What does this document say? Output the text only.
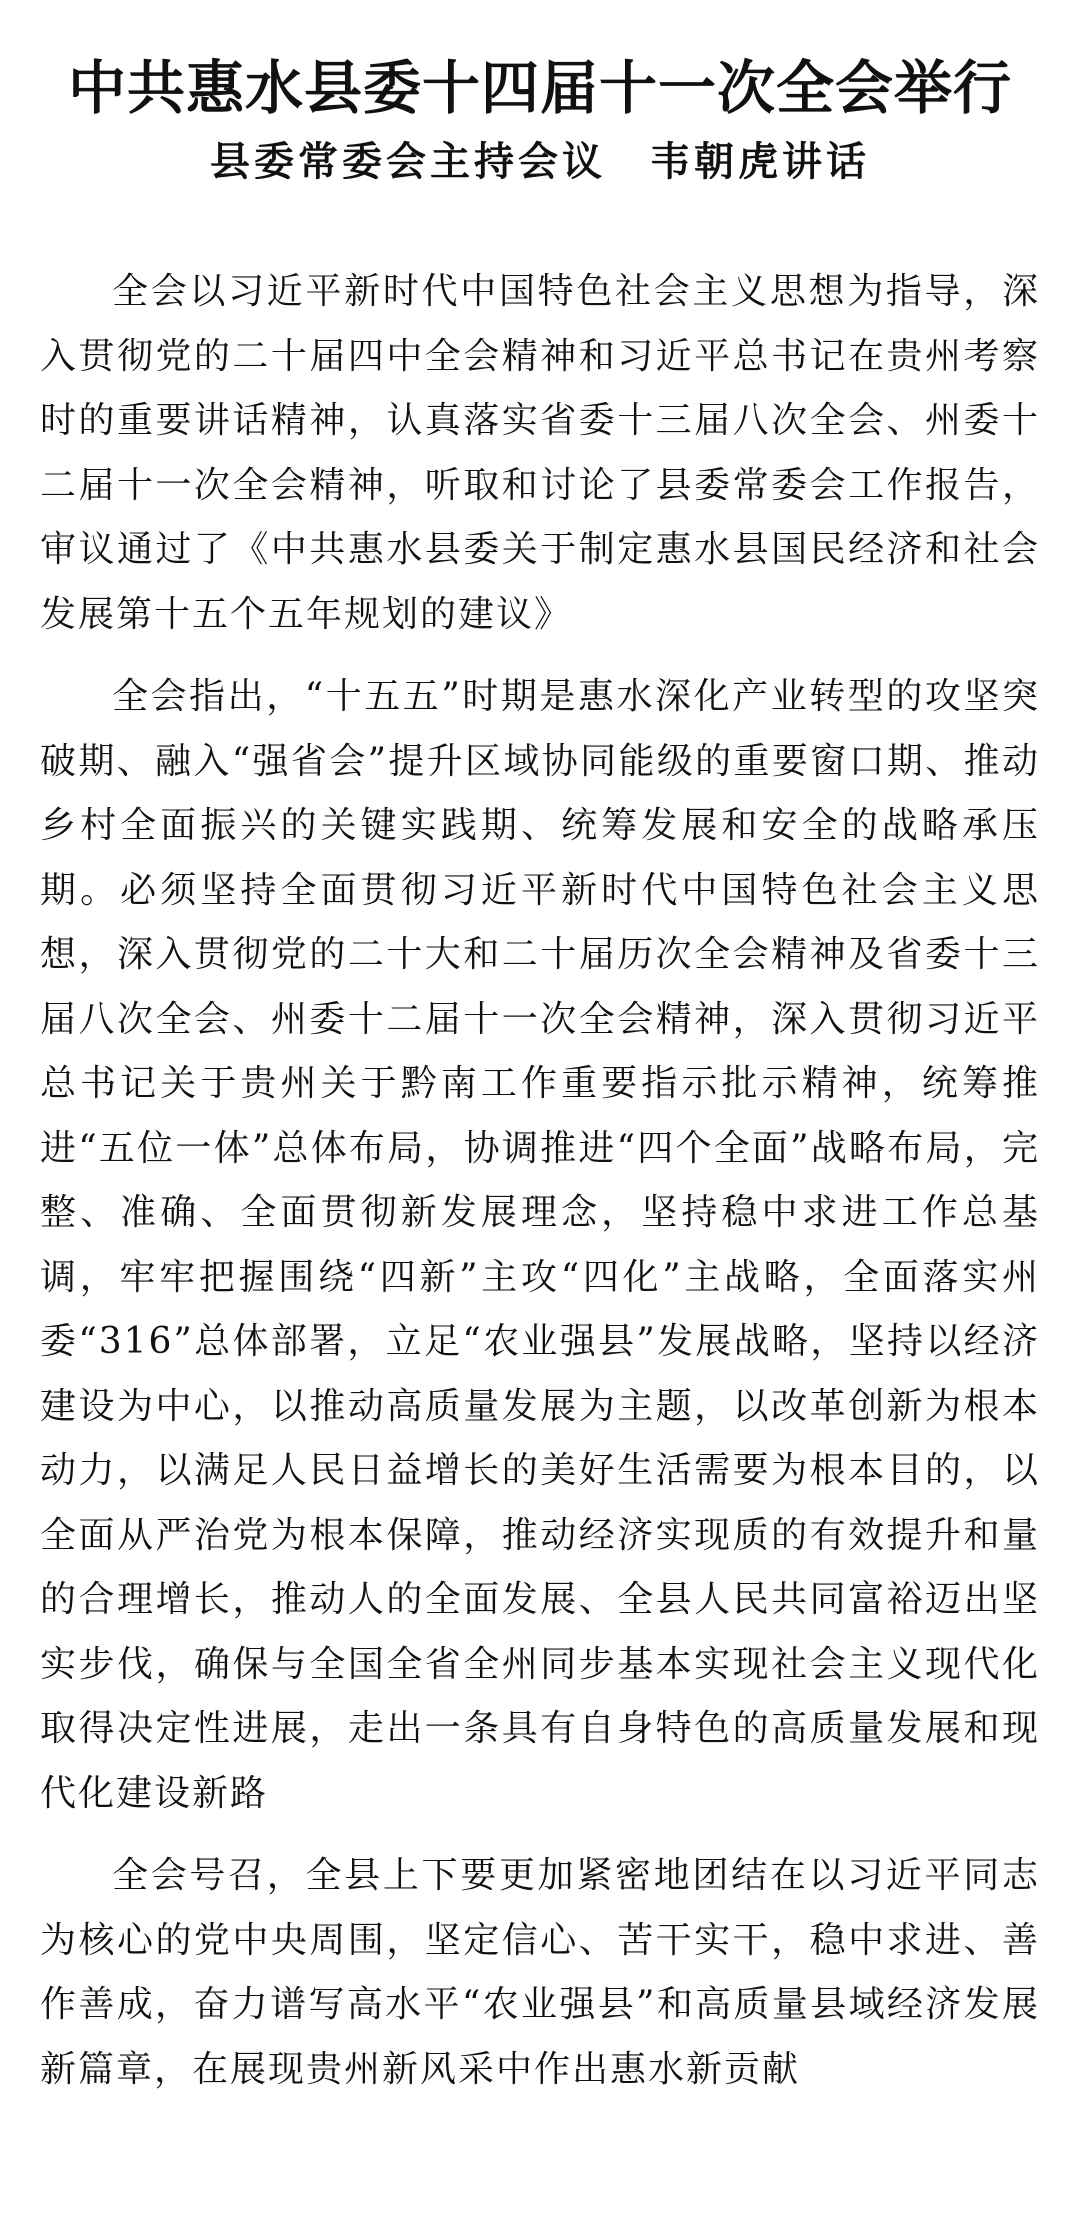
中共惠水县委十四届十一次全会举行
县委常委会主持会议　韦朝虎讲话

全会以习近平新时代中国特色社会主义思想为指导，深入贯彻党的二十届四中全会精神和习近平总书记在贵州考察时的重要讲话精神，认真落实省委十三届八次全会、州委十二届十一次全会精神，听取和讨论了县委常委会工作报告，审议通过了《中共惠水县委关于制定惠水县国民经济和社会发展第十五个五年规划的建议》

全会指出，“十五五”时期是惠水深化产业转型的攻坚突破期、融入“强省会”提升区域协同能级的重要窗口期、推动乡村全面振兴的关键实践期、统筹发展和安全的战略承压期。必须坚持全面贯彻习近平新时代中国特色社会主义思想，深入贯彻党的二十大和二十届历次全会精神及省委十三届八次全会、州委十二届十一次全会精神，深入贯彻习近平总书记关于贵州关于黔南工作重要指示批示精神，统筹推进“五位一体”总体布局，协调推进“四个全面”战略布局，完整、准确、全面贯彻新发展理念，坚持稳中求进工作总基调，牢牢把握围绕“四新”主攻“四化”主战略，全面落实州委“316”总体部署，立足“农业强县”发展战略，坚持以经济建设为中心，以推动高质量发展为主题，以改革创新为根本动力，以满足人民日益增长的美好生活需要为根本目的，以全面从严治党为根本保障，推动经济实现质的有效提升和量的合理增长，推动人的全面发展、全县人民共同富裕迈出坚实步伐，确保与全国全省全州同步基本实现社会主义现代化取得决定性进展，走出一条具有自身特色的高质量发展和现代化建设新路

全会号召，全县上下要更加紧密地团结在以习近平同志为核心的党中央周围，坚定信心、苦干实干，稳中求进、善作善成，奋力谱写高水平“农业强县”和高质量县域经济发展新篇章，在展现贵州新风采中作出惠水新贡献
